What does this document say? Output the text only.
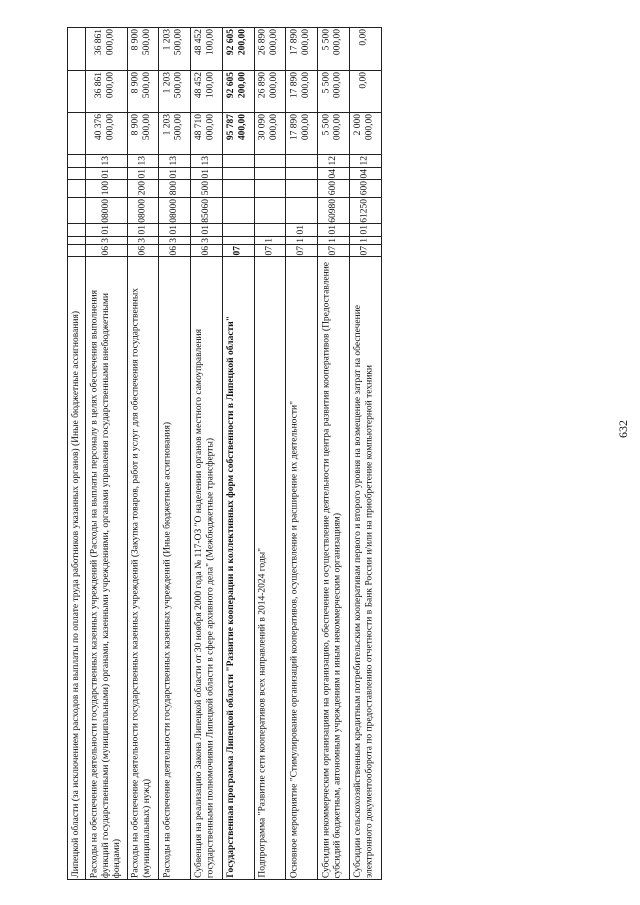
632
Липецкой области (за исключением расходов на выплаты по оплате труда работников указанных органов) (Иные бюджетные ассигнования)										
Расходы на обеспечение деятельности государственных казенных учреждений (Расходы на выплаты персоналу в целях обеспечения выполнения функций государственными (муниципальными) органами, казенными учреждениями, органами управления государственными внебюджетными фондами)	06	3	01	08000	100	01	13	40 376 000,00	36 861 000,00	36 861 000,00
Расходы на обеспечение деятельности государственных казенных учреждений (Закупка товаров, работ и услуг для обеспечения государственных (муниципальных) нужд)	06	3	01	08000	200	01	13	8 900 500,00	8 900 500,00	8 900 500,00
Расходы на обеспечение деятельности государственных казенных учреждений (Иные бюджетные ассигнования)	06	3	01	08000	800	01	13	1 203 500,00	1 203 500,00	1 203 500,00
Субвенция на реализацию Закона Липецкой области от 30 ноября 2000 года № 117-ОЗ "О наделении органов местного самоуправления государственными полномочиями Липецкой области в сфере архивного дела" (Межбюджетные трансферты)	06	3	01	85060	500	01	13	48 710 000,00	48 452 100,00	48 452 100,00
Государственная программа Липецкой области "Развитие кооперации и коллективных форм собственности в Липецкой области"	07							95 787 400,00	92 605 200,00	92 605 200,00
Подпрограмма "Развитие сети кооперативов всех направлений в 2014-2024 годы"	07	1						30 090 000,00	26 890 000,00	26 890 000,00
Основное мероприятие "Стимулирование организаций кооперативов, осуществление и расширение их деятельности"	07	1	01					17 890 000,00	17 890 000,00	17 890 000,00
Субсидии некоммерческим организациям на организацию, обеспечение и осуществление деятельности центра развития кооперативов (Предоставление субсидий бюджетным, автономным учреждениям и иным некоммерческим организациям)	07	1	01	60980	600	04	12	5 500 000,00	5 500 000,00	5 500 000,00
Субсидии сельскохозяйственным кредитным потребительским кооперативам первого и второго уровня на возмещение затрат на обеспечение электронного документооборота по предоставлению отчетности в Банк России и/или на приобретение компьютерной техники	07	1	01	61250	600	04	12	2 000 000,00	0,00	0,00
